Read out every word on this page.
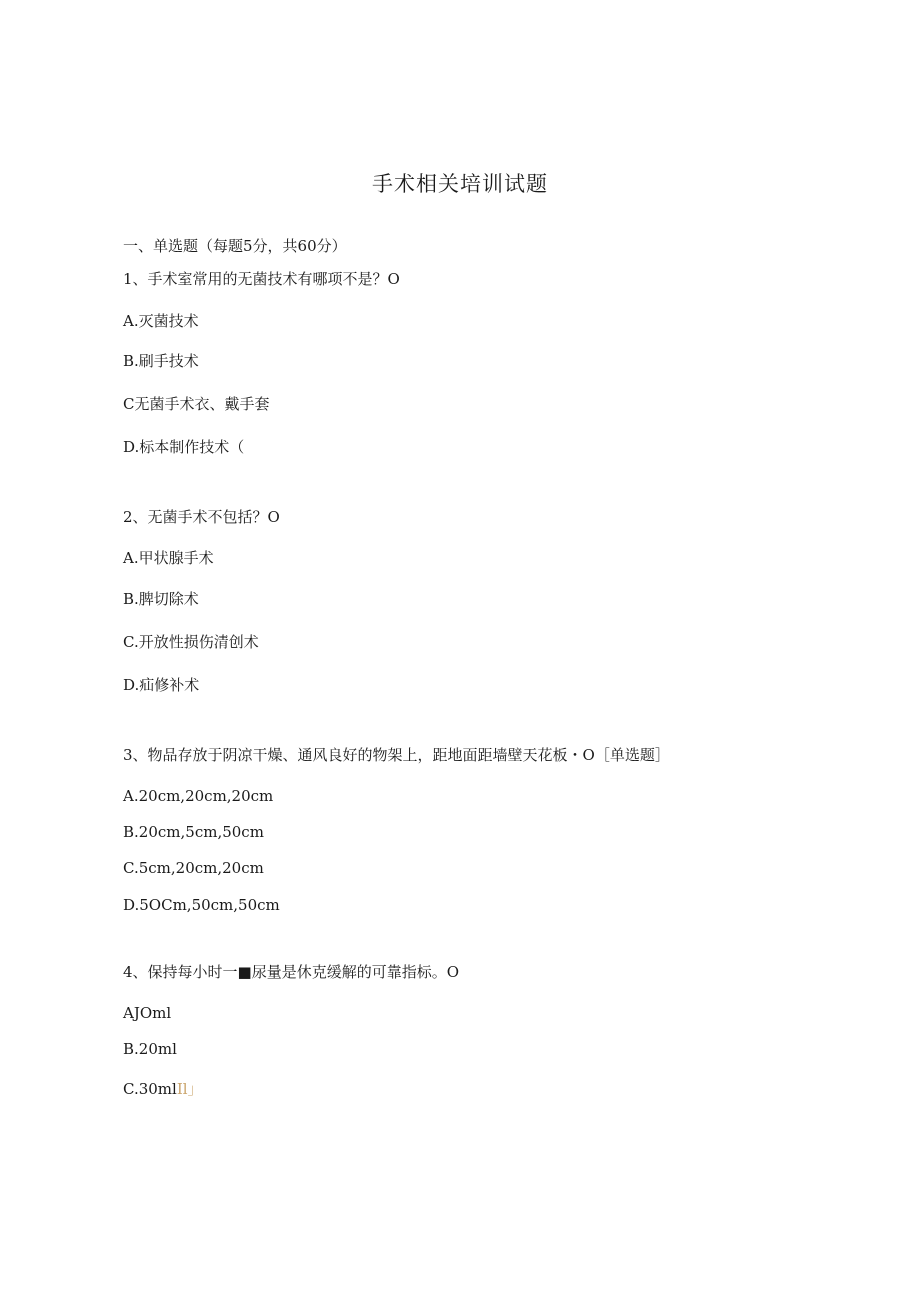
手术相关培训试题
一、单选题（每题5分，共60分）
1、手术室常用的无菌技术有哪项不是？O
A.灭菌技术
B.刷手技术
C无菌手术衣、戴手套
D.标本制作技术（
2、无菌手术不包括？O
A.甲状腺手术
B.脾切除术
C.开放性损伤清创术
D.疝修补术
3、物品存放于阴凉干燥、通风良好的物架上，距地面距墙壁天花板・O［单选题］
A.20cm,20cm,20cm
B.20cm,5cm,50cm
C.5cm,20cm,20cm
D.5OCm,50cm,50cm
4、保持每小时一■尿量是休克缓解的可靠指标。O
AJOml
B.20ml
C.30mlIl」
